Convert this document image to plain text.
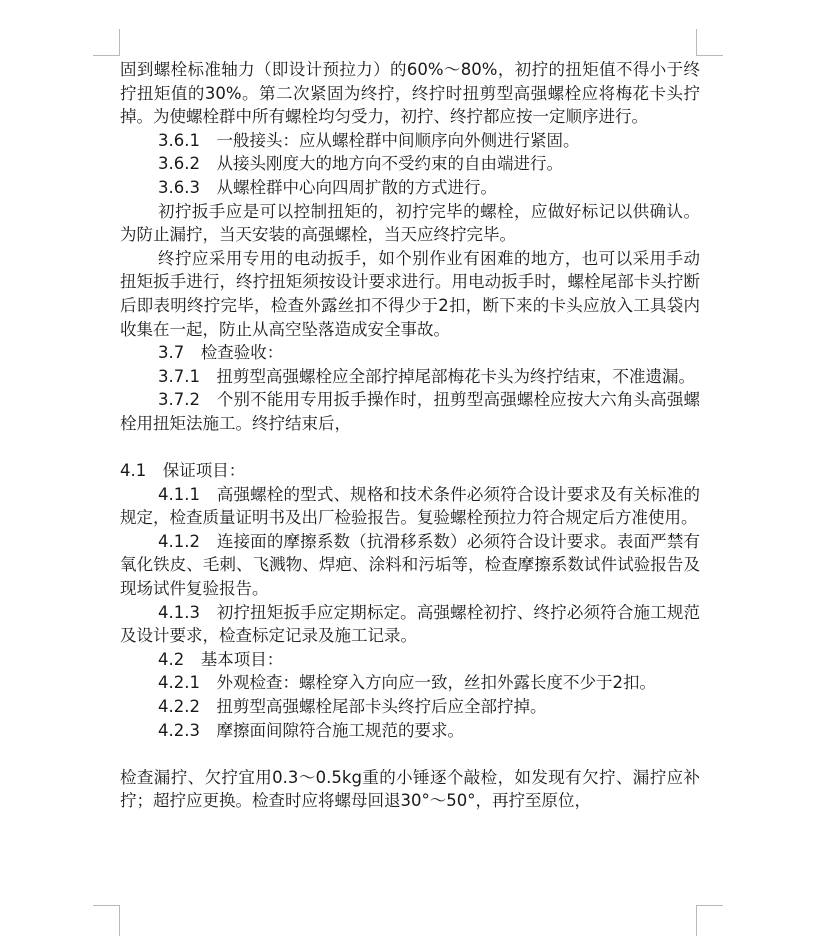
固到螺栓标准轴力（即设计预拉力）的60%～80%，初拧的扭矩值不得小于终拧扭矩值的30%。第二次紧固为终拧，终拧时扭剪型高强螺栓应将梅花卡头拧掉。为使螺栓群中所有螺栓均匀受力，初拧、终拧都应按一定顺序进行。

3.6.1　一般接头：应从螺栓群中间顺序向外侧进行紧固。

3.6.2　从接头刚度大的地方向不受约束的自由端进行。

3.6.3　从螺栓群中心向四周扩散的方式进行。

初拧扳手应是可以控制扭矩的，初拧完毕的螺栓，应做好标记以供确认。为防止漏拧，当天安装的高强螺栓，当天应终拧完毕。

终拧应采用专用的电动扳手，如个别作业有困难的地方，也可以采用手动扭矩扳手进行，终拧扭矩须按设计要求进行。用电动扳手时，螺栓尾部卡头拧断后即表明终拧完毕，检查外露丝扣不得少于2扣，断下来的卡头应放入工具袋内收集在一起，防止从高空坠落造成安全事故。

3.7　检查验收：

3.7.1　扭剪型高强螺栓应全部拧掉尾部梅花卡头为终拧结束，不准遗漏。

3.7.2　个别不能用专用扳手操作时，扭剪型高强螺栓应按大六角头高强螺栓用扭矩法施工。终拧结束后，

4.1　保证项目：

4.1.1　高强螺栓的型式、规格和技术条件必须符合设计要求及有关标准的规定，检查质量证明书及出厂检验报告。复验螺栓预拉力符合规定后方准使用。

4.1.2　连接面的摩擦系数（抗滑移系数）必须符合设计要求。表面严禁有氧化铁皮、毛刺、飞溅物、焊疤、涂料和污垢等，检查摩擦系数试件试验报告及现场试件复验报告。

4.1.3　初拧扭矩扳手应定期标定。高强螺栓初拧、终拧必须符合施工规范及设计要求，检查标定记录及施工记录。

4.2　基本项目：

4.2.1　外观检查：螺栓穿入方向应一致，丝扣外露长度不少于2扣。

4.2.2　扭剪型高强螺栓尾部卡头终拧后应全部拧掉。

4.2.3　摩擦面间隙符合施工规范的要求。

检查漏拧、欠拧宜用0.3～0.5kg重的小锤逐个敲检，如发现有欠拧、漏拧应补拧；超拧应更换。检查时应将螺母回退30°～50°，再拧至原位，
